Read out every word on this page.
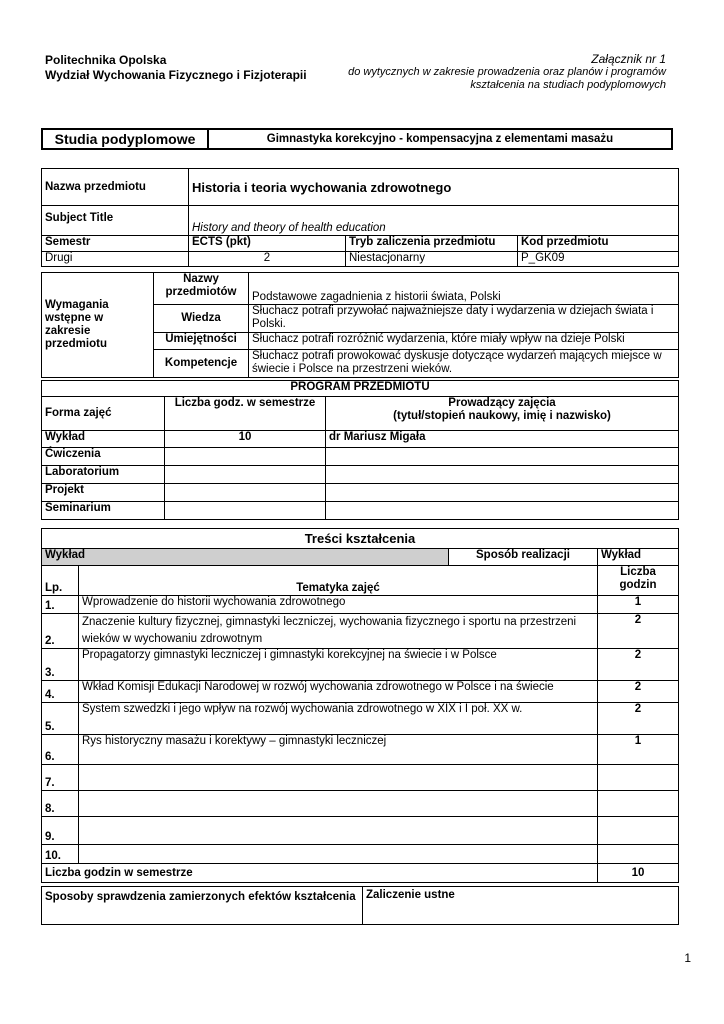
Politechnika Opolska
Wydział Wychowania Fizycznego i Fizjoterapii
Załącznik nr 1
do wytycznych w zakresie prowadzenia oraz planów i programów
kształcenia na studiach podyplomowych
Studia podyplomowe	Gimnastyka korekcyjno - kompensacyjna z elementami masażu
Nazwa przedmiotu	Historia i teoria wychowania zdrowotnego		
Subject Title	History and theory of health education		
Semestr	ECTS (pkt)	Tryb zaliczenia przedmiotu	Kod przedmiotu
Drugi	2	Niestacjonarny	P_GK09
Wymagania wstępne w zakresie przedmiotu	Nazwy przedmiotów	Podstawowe zagadnienia z historii świata, Polski
	Wiedza	Słuchacz potrafi przywołać najważniejsze daty i wydarzenia w dziejach świata i Polski.
	Umiejętności	Słuchacz potrafi rozróżnić wydarzenia, które miały wpływ na dzieje Polski
	Kompetencje	Słuchacz potrafi prowokować dyskusje dotyczące wydarzeń mających miejsce w świecie i Polsce na przestrzeni wieków.
PROGRAM PRZEDMIOTU		
Forma zajęć	Liczba godz. w semestrze	Prowadzący zajęcia
(tytuł/stopień naukowy, imię i nazwisko)

Wykład	10	dr Mariusz Migała
Ćwiczenia		
Laboratorium		
Projekt		
Seminarium		
Treści kształcenia			
Wykład		Sposób realizacji	Wykład
Lp.	Tematyka zajęć		Liczba
godzin

1.	Wprowadzenie do historii wychowania zdrowotnego		1
2.	Znaczenie kultury fizycznej, gimnastyki leczniczej, wychowania fizycznego i sportu na przestrzeni wieków w wychowaniu zdrowotnym		2
3.	Propagatorzy gimnastyki leczniczej i gimnastyki korekcyjnej na świecie i w Polsce		2
4.	Wkład Komisji Edukacji Narodowej w rozwój wychowania zdrowotnego w Polsce i na świecie		2
5.	System szwedzki i jego wpływ na rozwój wychowania zdrowotnego w XIX i I poł. XX w.		2
6.	Rys historyczny masażu i korektywy – gimnastyki leczniczej		1
7.			
8.			
9.			
10.			
Liczba godzin w semestrze			10
Sposoby sprawdzenia zamierzonych efektów kształcenia	Zaliczenie ustne
1
